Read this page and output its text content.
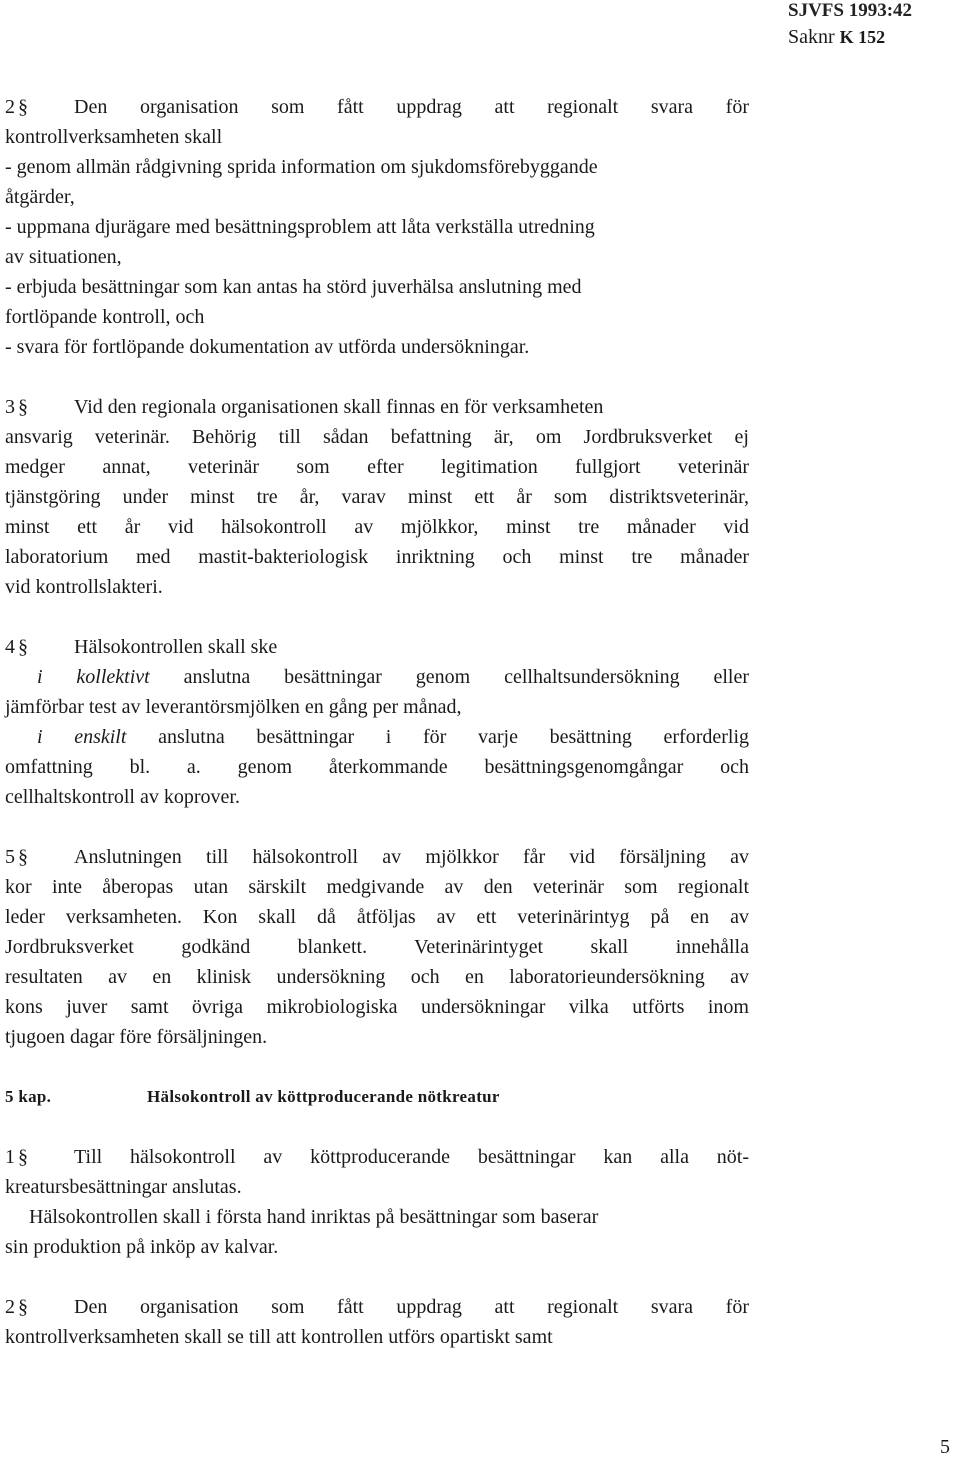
SJVFS 1993:42
Saknr K 152
2 § Den organisation som fått uppdrag att regionalt svara för
kontrollverksamheten skall
- genom allmän rådgivning sprida information om sjukdomsförebyggande
åtgärder,
- uppmana djurägare med besättningsproblem att låta verkställa utredning
av situationen,
- erbjuda besättningar som kan antas ha störd juverhälsa anslutning med
fortlöpande kontroll, och
- svara för fortlöpande dokumentation av utförda undersökningar.
3 § Vid den regionala organisationen skall finnas en för verksamheten
ansvarig veterinär. Behörig till sådan befattning är, om Jordbruksverket ej
medger annat, veterinär som efter legitimation fullgjort veterinär
tjänstgöring under minst tre år, varav minst ett år som distriktsveterinär,
minst ett år vid hälsokontroll av mjölkkor, minst tre månader vid
laboratorium med mastit-bakteriologisk inriktning och minst tre månader
vid kontrollslakteri.
4 § Hälsokontrollen skall ske
i kollektivt anslutna besättningar genom cellhaltsundersökning eller
jämförbar test av leverantörsmjölken en gång per månad,
i enskilt anslutna besättningar i för varje besättning erforderlig
omfattning bl. a. genom återkommande besättningsgenomgångar och
cellhaltskontroll av koprover.
5 § Anslutningen till hälsokontroll av mjölkkor får vid försäljning av
kor inte åberopas utan särskilt medgivande av den veterinär som regionalt
leder verksamheten. Kon skall då åtföljas av ett veterinärintyg på en av
Jordbruksverket godkänd blankett. Veterinärintyget skall innehålla
resultaten av en klinisk undersökning och en laboratorieundersökning av
kons juver samt övriga mikrobiologiska undersökningar vilka utförts inom
tjugoen dagar före försäljningen.
5 kap.	Hälsokontroll av köttproducerande nötkreatur
1 § Till hälsokontroll av köttproducerande besättningar kan alla nöt-
kreatursbesättningar anslutas.
Hälsokontrollen skall i första hand inriktas på besättningar som baserar
sin produktion på inköp av kalvar.
2 § Den organisation som fått uppdrag att regionalt svara för
kontrollverksamheten skall se till att kontrollen utförs opartiskt samt
5
